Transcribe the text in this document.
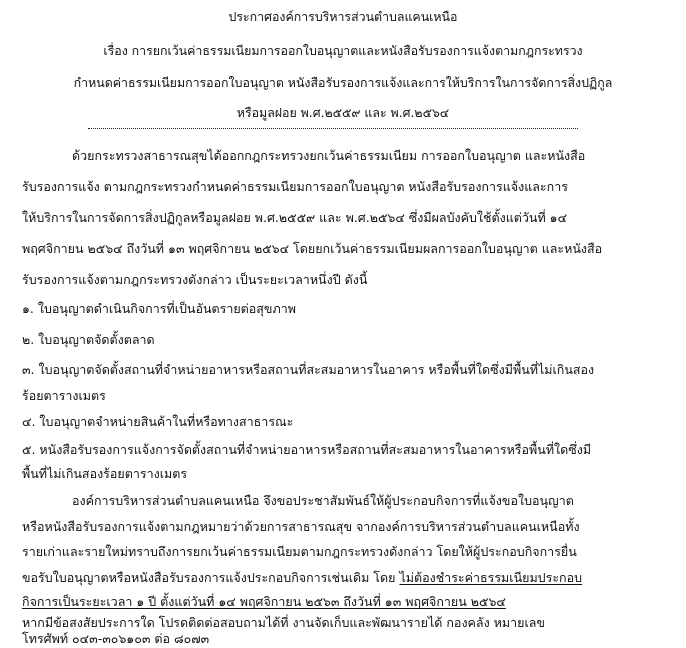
ประกาศองค์การบริหารส่วนตำบลแคนเหนือ
เรื่อง การยกเว้นค่าธรรมเนียมการออกใบอนุญาตและหนังสือรับรองการแจ้งตามกฎกระทรวง
กำหนดค่าธรรมเนียมการออกใบอนุญาต หนังสือรับรองการแจ้งและการให้บริการในการจัดการสิ่งปฏิกูล
หรือมูลฝอย พ.ศ.๒๕๕๙ และ พ.ศ.๒๕๖๔
ด้วยกระทรวงสาธารณสุขได้ออกกฎกระทรวงยกเว้นค่าธรรมเนียม การออกใบอนุญาต และหนังสือ
รับรองการแจ้ง ตามกฎกระทรวงกำหนดค่าธรรมเนียมการออกใบอนุญาต หนังสือรับรองการแจ้งและการ
ให้บริการในการจัดการสิ่งปฏิกูลหรือมูลฝอย พ.ศ.๒๕๕๙ และ พ.ศ.๒๕๖๔ ซึ่งมีผลบังคับใช้ตั้งแต่วันที่ ๑๔
พฤศจิกายน ๒๕๖๔ ถึงวันที่ ๑๓ พฤศจิกายน ๒๕๖๔ โดยยกเว้นค่าธรรมเนียมผลการออกใบอนุญาต และหนังสือ
รับรองการแจ้งตามกฎกระทรวงดังกล่าว เป็นระยะเวลาหนึ่งปี ดังนี้
๑. ใบอนุญาตดำเนินกิจการที่เป็นอันตรายต่อสุขภาพ
๒. ใบอนุญาตจัดตั้งตลาด
๓. ใบอนุญาตจัดตั้งสถานที่จำหน่ายอาหารหรือสถานที่สะสมอาหารในอาคาร หรือพื้นที่ใดซึ่งมีพื้นที่ไม่เกินสอง
ร้อยตารางเมตร
๔. ใบอนุญาตจำหน่ายสินค้าในที่หรือทางสาธารณะ
๕. หนังสือรับรองการแจ้งการจัดตั้งสถานที่จำหน่ายอาหารหรือสถานที่สะสมอาหารในอาคารหรือพื้นที่ใดซึ่งมี
พื้นที่ไม่เกินสองร้อยตารางเมตร
องค์การบริหารส่วนตำบลแคนเหนือ จึงขอประชาสัมพันธ์ให้ผู้ประกอบกิจการที่แจ้งขอใบอนุญาต
หรือหนังสือรับรองการแจ้งตามกฎหมายว่าด้วยการสาธารณสุข จากองค์การบริหารส่วนตำบลแคนเหนือทั้ง
รายเก่าและรายใหม่ทราบถึงการยกเว้นค่าธรรมเนียมตามกฎกระทรวงดังกล่าว โดยให้ผู้ประกอบกิจการยื่น
ขอรับใบอนุญาตหรือหนังสือรับรองการแจ้งประกอบกิจการเช่นเดิม โดย ไม่ต้องชำระค่าธรรมเนียมประกอบ
กิจการเป็นระยะเวลา ๑ ปี ตั้งแต่วันที่ ๑๔ พฤศจิกายน ๒๕๖๓ ถึงวันที่ ๑๓ พฤศจิกายน ๒๕๖๔
หากมีข้อสงสัยประการใด โปรดติดต่อสอบถามได้ที่ งานจัดเก็บและพัฒนารายได้ กองคลัง หมายเลข
โทรศัพท์ ๐๔๓-๓๐๖๑๐๓ ต่อ ๘๐๗๓
